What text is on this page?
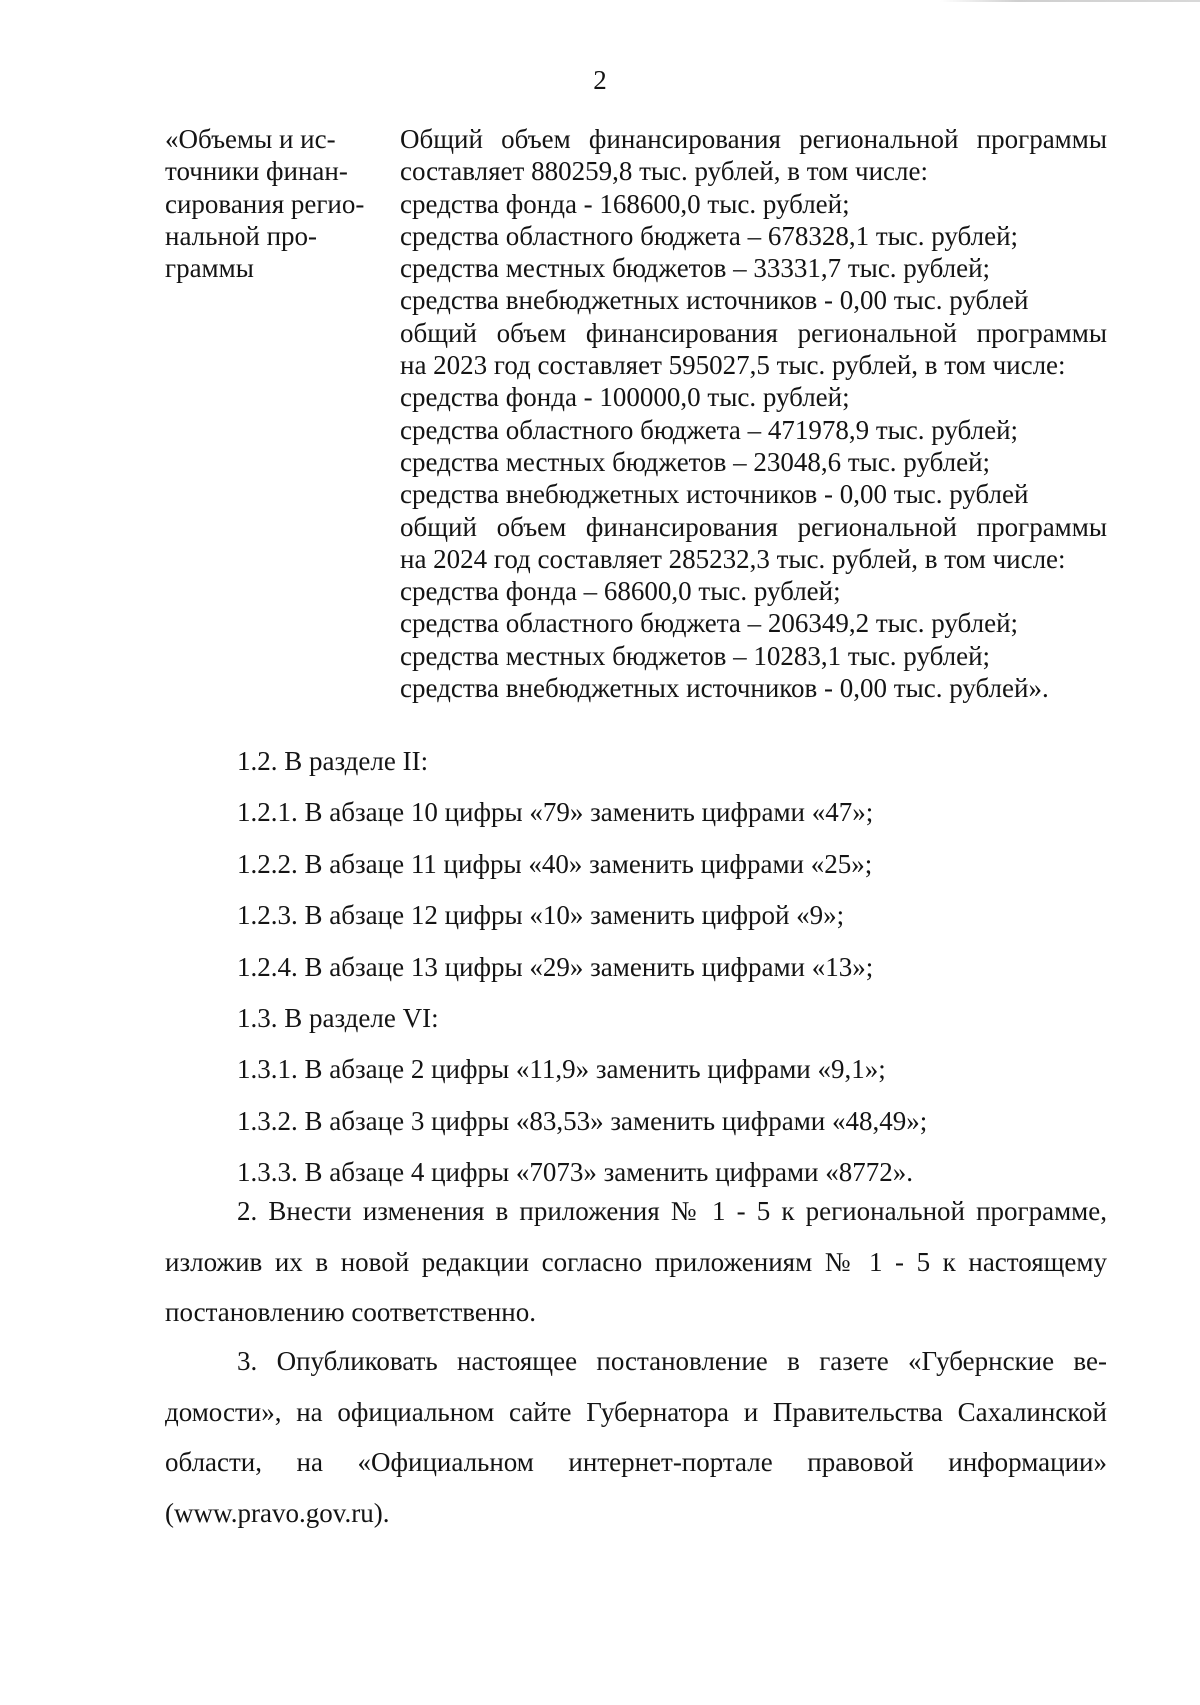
2
«Объемы и ис-
точники финан-
сирования регио-
нальной про-
граммы
Общий объем финансирования региональной программы
составляет 880259,8 тыс. рублей, в том числе:
средства фонда - 168600,0 тыс. рублей;
средства областного бюджета – 678328,1 тыс. рублей;
средства местных бюджетов – 33331,7 тыс. рублей;
средства внебюджетных источников - 0,00 тыс. рублей
общий объем финансирования региональной программы
на 2023 год составляет 595027,5 тыс. рублей, в том числе:
средства фонда - 100000,0 тыс. рублей;
средства областного бюджета – 471978,9 тыс. рублей;
средства местных бюджетов – 23048,6 тыс. рублей;
средства внебюджетных источников - 0,00 тыс. рублей
общий объем финансирования региональной программы
на 2024 год составляет 285232,3 тыс. рублей, в том числе:
средства фонда – 68600,0 тыс. рублей;
средства областного бюджета – 206349,2 тыс. рублей;
средства местных бюджетов – 10283,1 тыс. рублей;
средства внебюджетных источников - 0,00 тыс. рублей».
1.2. В разделе II:
1.2.1. В абзаце 10 цифры «79» заменить цифрами «47»;
1.2.2. В абзаце 11 цифры «40» заменить цифрами «25»;
1.2.3. В абзаце 12 цифры «10» заменить цифрой «9»;
1.2.4. В абзаце 13 цифры «29» заменить цифрами «13»;
1.3. В разделе VI:
1.3.1. В абзаце 2 цифры «11,9» заменить цифрами «9,1»;
1.3.2. В абзаце 3 цифры «83,53» заменить цифрами «48,49»;
1.3.3. В абзаце 4 цифры «7073» заменить цифрами «8772».
2. Внести изменения в приложения № 1 - 5 к региональной программе,
изложив их в новой редакции согласно приложениям № 1 - 5 к настоящему
постановлению соответственно.
3. Опубликовать настоящее постановление в газете «Губернские ве-
домости», на официальном сайте Губернатора и Правительства Сахалинской
области, на «Официальном интернет-портале правовой информации»
(www.pravo.gov.ru).
